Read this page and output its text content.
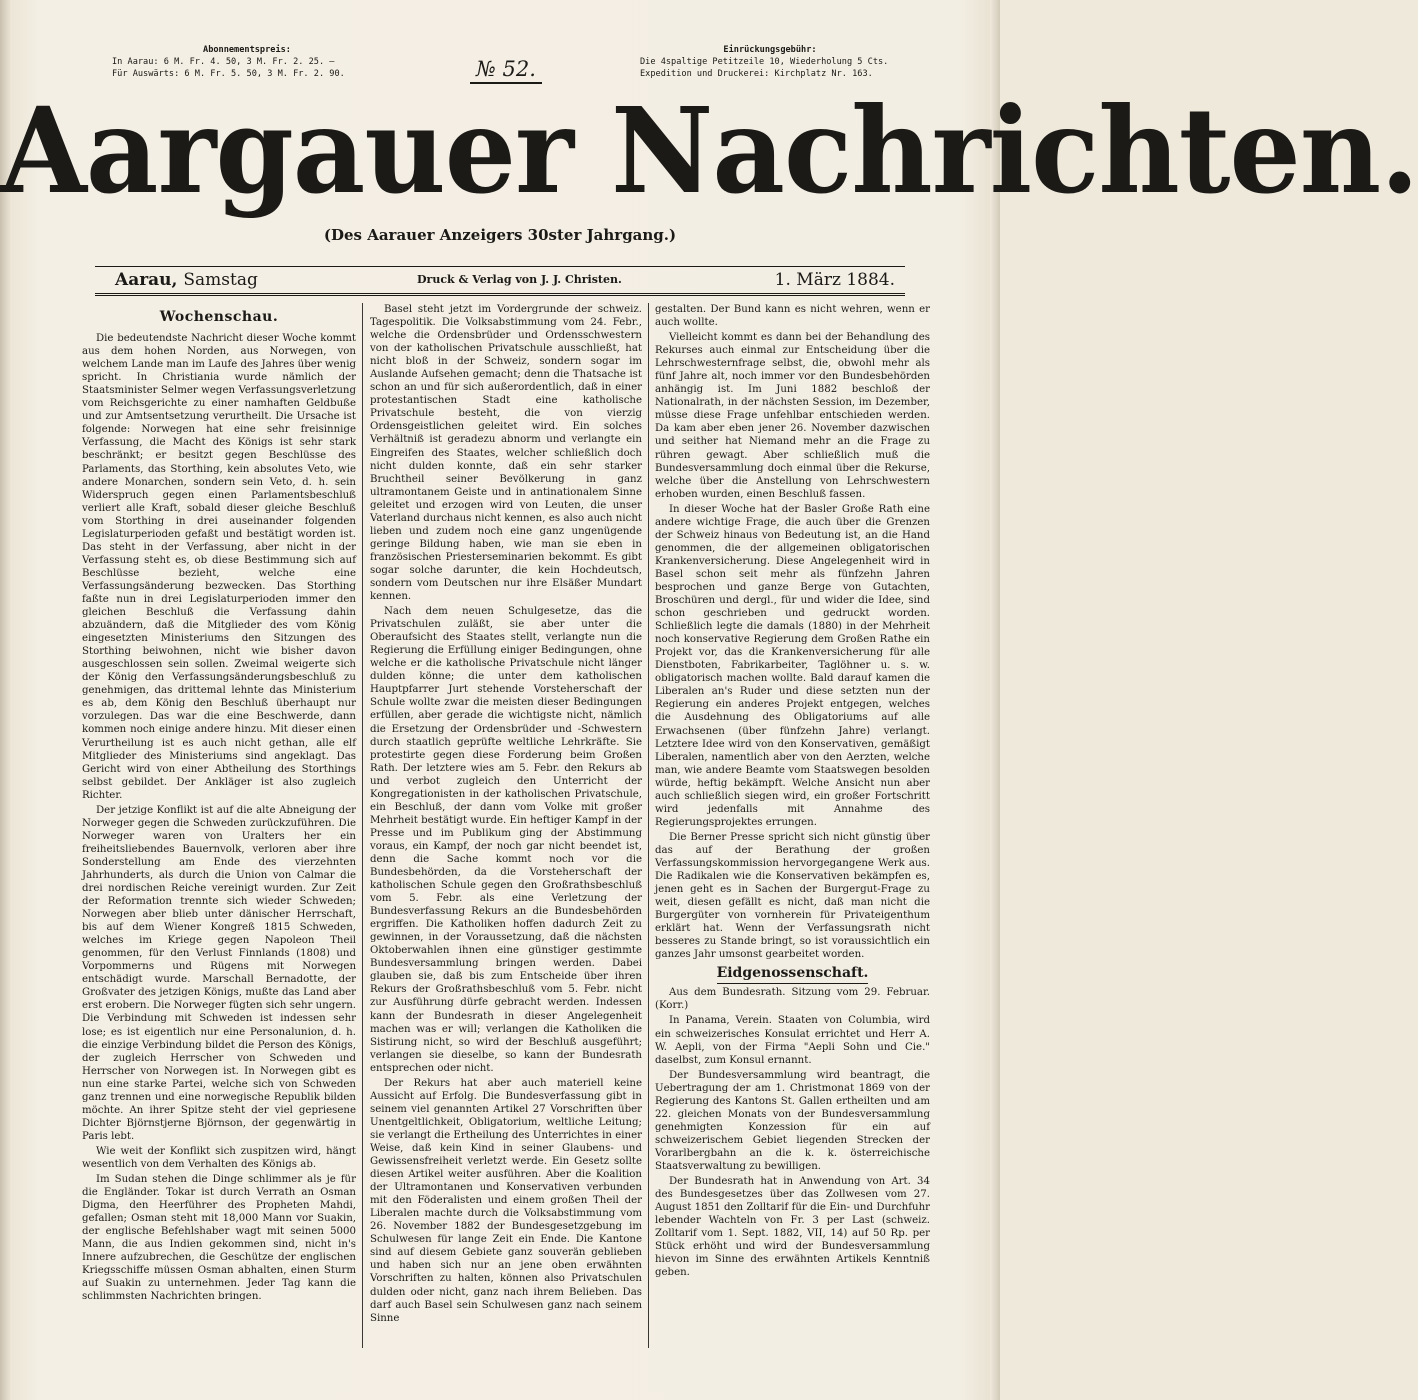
Abonnementspreis:
In Aarau: 6 M. Fr. 4. 50, 3 M. Fr. 2. 25. –
Für Auswärts: 6 M. Fr. 5. 50, 3 M. Fr. 2. 90.	№ 52.
Einrückungsgebühr:
Die 4spaltige Petitzeile 10, Wiederholung 5 Cts.
Expedition und Druckerei: Kirchplatz Nr. 163.
Aargauer Nachrichten.
(Des Aarauer Anzeigers 30ster Jahrgang.)
Aarau, Samstag	Druck & Verlag von J. J. Christen.	1. März 1884.
Wochenschau.

Die bedeutendste Nachricht dieser Woche kommt aus dem hohen Norden, aus Norwegen, von welchem Lande man im Laufe des Jahres über wenig spricht. In Christiania wurde nämlich der Staatsminister Selmer wegen Verfassungsverletzung vom Reichsgerichte zu einer namhaften Geldbuße und zur Amtsentsetzung verurtheilt. Die Ursache ist folgende: Norwegen hat eine sehr freisinnige Verfassung, die Macht des Königs ist sehr stark beschränkt; er besitzt gegen Beschlüsse des Parlaments, das Storthing, kein absolutes Veto, wie andere Monarchen, sondern sein Veto, d. h. sein Widerspruch gegen einen Parlamentsbeschluß verliert alle Kraft, sobald dieser gleiche Beschluß vom Storthing in drei auseinander folgenden Legislaturperioden gefaßt und bestätigt worden ist. Das steht in der Verfassung, aber nicht in der Verfassung steht es, ob diese Bestimmung sich auf Beschlüsse bezieht, welche eine Verfassungsänderung bezwecken. Das Storthing faßte nun in drei Legislaturperioden immer den gleichen Beschluß die Verfassung dahin abzuändern, daß die Mitglieder des vom König eingesetzten Ministeriums den Sitzungen des Storthing beiwohnen, nicht wie bisher davon ausgeschlossen sein sollen. Zweimal weigerte sich der König den Verfassungsänderungsbeschluß zu genehmigen, das drittemal lehnte das Ministerium es ab, dem König den Beschluß überhaupt nur vorzulegen. Das war die eine Beschwerde, dann kommen noch einige andere hinzu. Mit dieser einen Verurtheilung ist es auch nicht gethan, alle elf Mitglieder des Ministeriums sind angeklagt. Das Gericht wird von einer Abtheilung des Storthings selbst gebildet. Der Ankläger ist also zugleich Richter.

Der jetzige Konflikt ist auf die alte Abneigung der Norweger gegen die Schweden zurückzuführen. Die Norweger waren von Uralters her ein freiheitsliebendes Bauernvolk, verloren aber ihre Sonderstellung am Ende des vierzehnten Jahrhunderts, als durch die Union von Calmar die drei nordischen Reiche vereinigt wurden. Zur Zeit der Reformation trennte sich wieder Schweden; Norwegen aber blieb unter dänischer Herrschaft, bis auf dem Wiener Kongreß 1815 Schweden, welches im Kriege gegen Napoleon Theil genommen, für den Verlust Finnlands (1808) und Vorpommerns und Rügens mit Norwegen entschädigt wurde. Marschall Bernadotte, der Großvater des jetzigen Königs, mußte das Land aber erst erobern. Die Norweger fügten sich sehr ungern. Die Verbindung mit Schweden ist indessen sehr lose; es ist eigentlich nur eine Personalunion, d. h. die einzige Verbindung bildet die Person des Königs, der zugleich Herrscher von Schweden und Herrscher von Norwegen ist. In Norwegen gibt es nun eine starke Partei, welche sich von Schweden ganz trennen und eine norwegische Republik bilden möchte. An ihrer Spitze steht der viel gepriesene Dichter Björnstjerne Björnson, der gegenwärtig in Paris lebt.

Wie weit der Konflikt sich zuspitzen wird, hängt wesentlich von dem Verhalten des Königs ab.

Im Sudan stehen die Dinge schlimmer als je für die Engländer. Tokar ist durch Verrath an Osman Digma, den Heerführer des Propheten Mahdi, gefallen; Osman steht mit 18,000 Mann vor Suakin, der englische Befehlshaber wagt mit seinen 5000 Mann, die aus Indien gekommen sind, nicht in's Innere aufzubrechen, die Geschütze der englischen Kriegsschiffe müssen Osman abhalten, einen Sturm auf Suakin zu unternehmen. Jeder Tag kann die schlimmsten Nachrichten bringen.

Basel steht jetzt im Vordergrunde der schweiz. Tagespolitik. Die Volksabstimmung vom 24. Febr., welche die Ordensbrüder und Ordensschwestern von der katholischen Privatschule ausschließt, hat nicht bloß in der Schweiz, sondern sogar im Auslande Aufsehen gemacht; denn die Thatsache ist schon an und für sich außerordentlich, daß in einer protestantischen Stadt eine katholische Privatschule besteht, die von vierzig Ordensgeistlichen geleitet wird. Ein solches Verhältniß ist geradezu abnorm und verlangte ein Eingreifen des Staates, welcher schließlich doch nicht dulden konnte, daß ein sehr starker Bruchtheil seiner Bevölkerung in ganz ultramontanem Geiste und in antinationalem Sinne geleitet und erzogen wird von Leuten, die unser Vaterland durchaus nicht kennen, es also auch nicht lieben und zudem noch eine ganz ungenügende geringe Bildung haben, wie man sie eben in französischen Priesterseminarien bekommt. Es gibt sogar solche darunter, die kein Hochdeutsch, sondern vom Deutschen nur ihre Elsäßer Mundart kennen.

Nach dem neuen Schulgesetze, das die Privatschulen zuläßt, sie aber unter die Oberaufsicht des Staates stellt, verlangte nun die Regierung die Erfüllung einiger Bedingungen, ohne welche er die katholische Privatschule nicht länger dulden könne; die unter dem katholischen Hauptpfarrer Jurt stehende Vorsteherschaft der Schule wollte zwar die meisten dieser Bedingungen erfüllen, aber gerade die wichtigste nicht, nämlich die Ersetzung der Ordensbrüder und -Schwestern durch staatlich geprüfte weltliche Lehrkräfte. Sie protestirte gegen diese Forderung beim Großen Rath. Der letztere wies am 5. Febr. den Rekurs ab und verbot zugleich den Unterricht der Kongregationisten in der katholischen Privatschule, ein Beschluß, der dann vom Volke mit großer Mehrheit bestätigt wurde. Ein heftiger Kampf in der Presse und im Publikum ging der Abstimmung voraus, ein Kampf, der noch gar nicht beendet ist, denn die Sache kommt noch vor die Bundesbehörden, da die Vorsteherschaft der katholischen Schule gegen den Großrathsbeschluß vom 5. Febr. als eine Verletzung der Bundesverfassung Rekurs an die Bundesbehörden ergriffen. Die Katholiken hoffen dadurch Zeit zu gewinnen, in der Voraussetzung, daß die nächsten Oktoberwahlen ihnen eine günstiger gestimmte Bundesversammlung bringen werden. Dabei glauben sie, daß bis zum Entscheide über ihren Rekurs der Großrathsbeschluß vom 5. Febr. nicht zur Ausführung dürfe gebracht werden. Indessen kann der Bundesrath in dieser Angelegenheit machen was er will; verlangen die Katholiken die Sistirung nicht, so wird der Beschluß ausgeführt; verlangen sie dieselbe, so kann der Bundesrath entsprechen oder nicht.

Der Rekurs hat aber auch materiell keine Aussicht auf Erfolg. Die Bundesverfassung gibt in seinem viel genannten Artikel 27 Vorschriften über Unentgeltlichkeit, Obligatorium, weltliche Leitung; sie verlangt die Ertheilung des Unterrichtes in einer Weise, daß kein Kind in seiner Glaubens- und Gewissensfreiheit verletzt werde. Ein Gesetz sollte diesen Artikel weiter ausführen. Aber die Koalition der Ultramontanen und Konservativen verbunden mit den Föderalisten und einem großen Theil der Liberalen machte durch die Volksabstimmung vom 26. November 1882 der Bundesgesetzgebung im Schulwesen für lange Zeit ein Ende. Die Kantone sind auf diesem Gebiete ganz souverän geblieben und haben sich nur an jene oben erwähnten Vorschriften zu halten, können also Privatschulen dulden oder nicht, ganz nach ihrem Belieben. Das darf auch Basel sein Schulwesen ganz nach seinem Sinne

gestalten. Der Bund kann es nicht wehren, wenn er auch wollte.

Vielleicht kommt es dann bei der Behandlung des Rekurses auch einmal zur Entscheidung über die Lehrschwesternfrage selbst, die, obwohl mehr als fünf Jahre alt, noch immer vor den Bundesbehörden anhängig ist. Im Juni 1882 beschloß der Nationalrath, in der nächsten Session, im Dezember, müsse diese Frage unfehlbar entschieden werden. Da kam aber eben jener 26. November dazwischen und seither hat Niemand mehr an die Frage zu rühren gewagt. Aber schließlich muß die Bundesversammlung doch einmal über die Rekurse, welche über die Anstellung von Lehrschwestern erhoben wurden, einen Beschluß fassen.

In dieser Woche hat der Basler Große Rath eine andere wichtige Frage, die auch über die Grenzen der Schweiz hinaus von Bedeutung ist, an die Hand genommen, die der allgemeinen obligatorischen Krankenversicherung. Diese Angelegenheit wird in Basel schon seit mehr als fünfzehn Jahren besprochen und ganze Berge von Gutachten, Broschüren und dergl., für und wider die Idee, sind schon geschrieben und gedruckt worden. Schließlich legte die damals (1880) in der Mehrheit noch konservative Regierung dem Großen Rathe ein Projekt vor, das die Krankenversicherung für alle Dienstboten, Fabrikarbeiter, Taglöhner u. s. w. obligatorisch machen wollte. Bald darauf kamen die Liberalen an's Ruder und diese setzten nun der Regierung ein anderes Projekt entgegen, welches die Ausdehnung des Obligatoriums auf alle Erwachsenen (über fünfzehn Jahre) verlangt. Letztere Idee wird von den Konservativen, gemäßigt Liberalen, namentlich aber von den Aerzten, welche man, wie andere Beamte vom Staatswegen besolden würde, heftig bekämpft. Welche Ansicht nun aber auch schließlich siegen wird, ein großer Fortschritt wird jedenfalls mit Annahme des Regierungsprojektes errungen.

Die Berner Presse spricht sich nicht günstig über das auf der Berathung der großen Verfassungskommission hervorgegangene Werk aus. Die Radikalen wie die Konservativen bekämpfen es, jenen geht es in Sachen der Burgergut-Frage zu weit, diesen gefällt es nicht, daß man nicht die Burgergüter von vornherein für Privateigenthum erklärt hat. Wenn der Verfassungsrath nicht besseres zu Stande bringt, so ist voraussichtlich ein ganzes Jahr umsonst gearbeitet worden.

Eidgenossenschaft.

Aus dem Bundesrath. Sitzung vom 29. Februar. (Korr.)

In Panama, Verein. Staaten von Columbia, wird ein schweizerisches Konsulat errichtet und Herr A. W. Aepli, von der Firma "Aepli Sohn und Cie." daselbst, zum Konsul ernannt.

Der Bundesversammlung wird beantragt, die Uebertragung der am 1. Christmonat 1869 von der Regierung des Kantons St. Gallen ertheilten und am 22. gleichen Monats von der Bundesversammlung genehmigten Konzession für ein auf schweizerischem Gebiet liegenden Strecken der Vorarlbergbahn an die k. k. österreichische Staatsverwaltung zu bewilligen.

Der Bundesrath hat in Anwendung von Art. 34 des Bundesgesetzes über das Zollwesen vom 27. August 1851 den Zolltarif für die Ein- und Durchfuhr lebender Wachteln von Fr. 3 per Last (schweiz. Zolltarif vom 1. Sept. 1882, VII, 14) auf 50 Rp. per Stück erhöht und wird der Bundesversammlung hievon im Sinne des erwähnten Artikels Kenntniß geben.
